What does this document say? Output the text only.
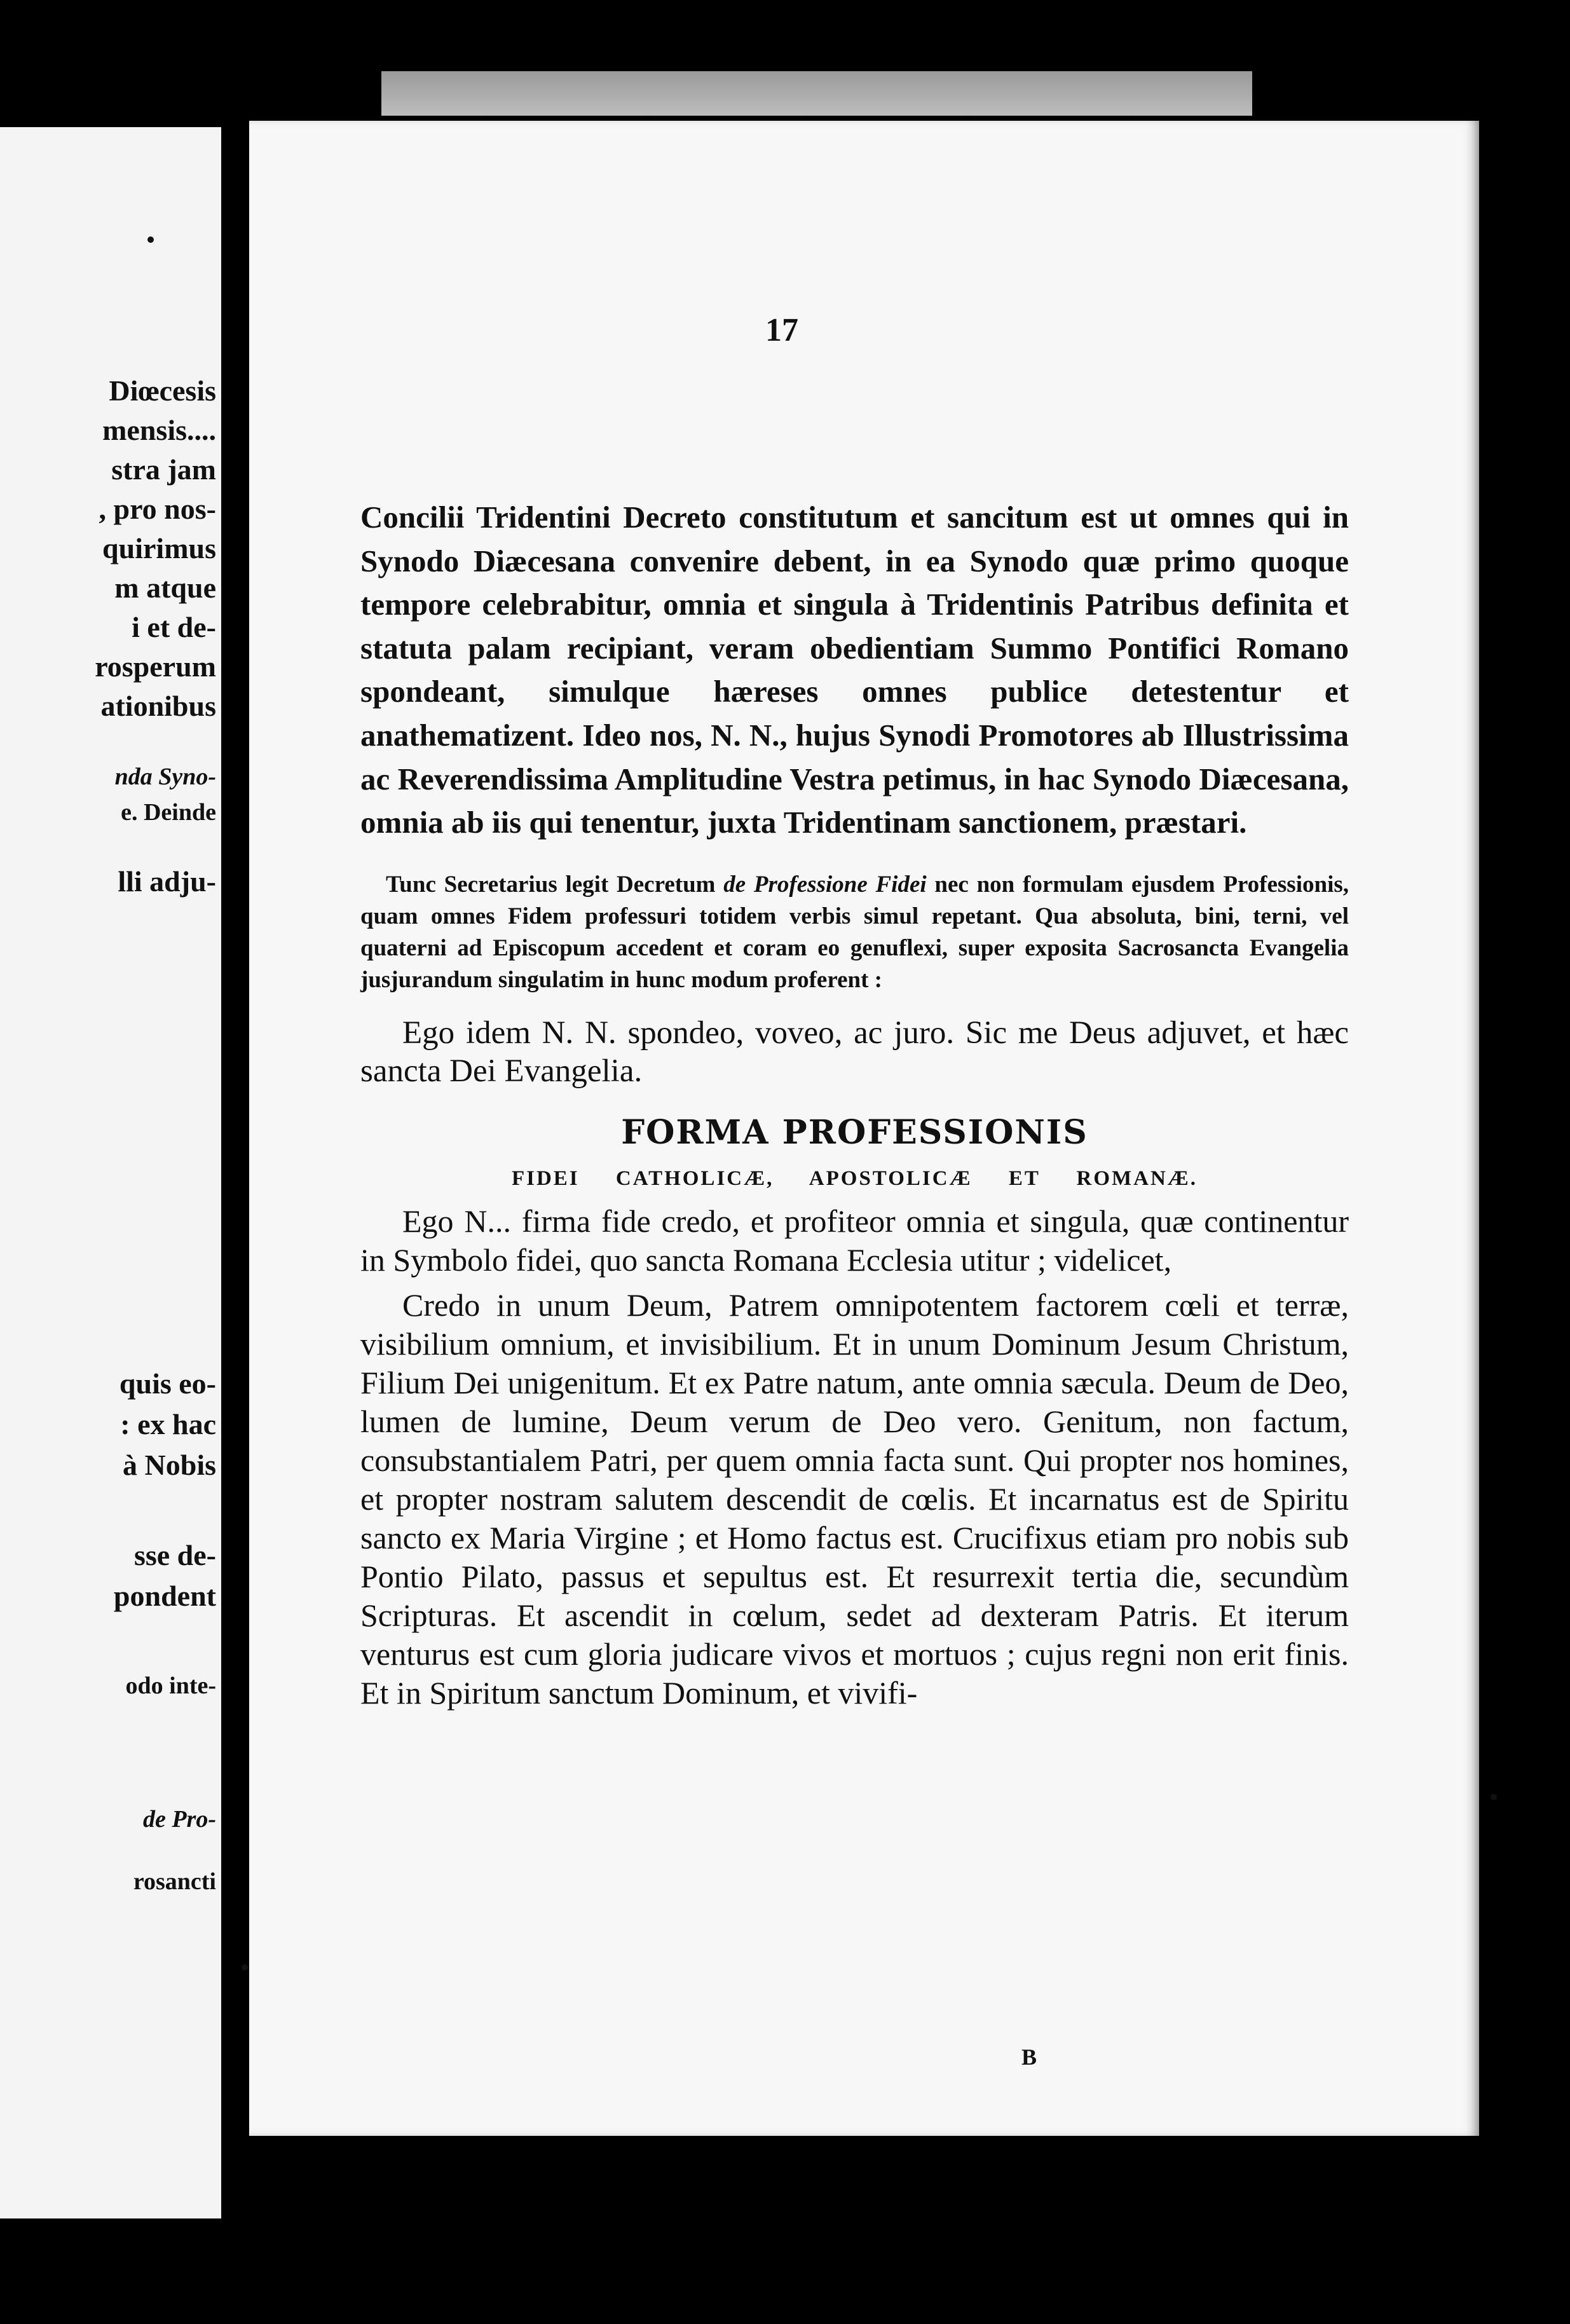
Diœcesis
mensis....
stra jam
, pro nos-
quirimus
m atque
i et de-
rosperum
ationibus
nda Syno-
e. Deinde
lli adju-
quis eo-
: ex hac
à Nobis
sse de-
pondent
odo inte-
de Pro-
rosancti
17

Concilii Tridentini Decreto constitutum et sancitum est ut omnes qui in Synodo Diæcesana convenire debent, in ea Synodo quæ primo quoque tempore celebrabitur, omnia et singula à Tridentinis Patribus definita et statuta palam recipiant, veram obedientiam Summo Pontifici Romano spondeant, simulque hæreses omnes publice detestentur et anathematizent. Ideo nos, N. N., hujus Synodi Promotores ab Illustrissima ac Reverendissima Amplitudine Vestra petimus, in hac Synodo Diæcesana, omnia ab iis qui tenentur, juxta Tridentinam sanctionem, præstari.

Tunc Secretarius legit Decretum de Professione Fidei nec non formulam ejusdem Professionis, quam omnes Fidem professuri totidem verbis simul repetant. Qua absoluta, bini, terni, vel quaterni ad Episcopum accedent et coram eo genuflexi, super exposita Sacrosancta Evangelia jusjurandum singulatim in hunc modum proferent :

Ego idem N. N. spondeo, voveo, ac juro. Sic me Deus adjuvet, et hæc sancta Dei Evangelia.

FORMA PROFESSIONIS
FIDEI CATHOLICÆ, APOSTOLICÆ ET ROMANÆ.

Ego N... firma fide credo, et profiteor omnia et singula, quæ continentur in Symbolo fidei, quo sancta Romana Ecclesia utitur ; videlicet,

Credo in unum Deum, Patrem omnipotentem factorem cœli et terræ, visibilium omnium, et invisibilium. Et in unum Dominum Jesum Christum, Filium Dei unigenitum. Et ex Patre natum, ante omnia sæcula. Deum de Deo, lumen de lumine, Deum verum de Deo vero. Genitum, non factum, consubstantialem Patri, per quem omnia facta sunt. Qui propter nos homines, et propter nostram salutem descendit de cœlis. Et incarnatus est de Spiritu sancto ex Maria Virgine ; et Homo factus est. Crucifixus etiam pro nobis sub Pontio Pilato, passus et sepultus est. Et resurrexit tertia die, secundùm Scripturas. Et ascendit in cœlum, sedet ad dexteram Patris. Et iterum venturus est cum gloria judicare vivos et mortuos ; cujus regni non erit finis. Et in Spiritum sanctum Dominum, et vivifi-

B
